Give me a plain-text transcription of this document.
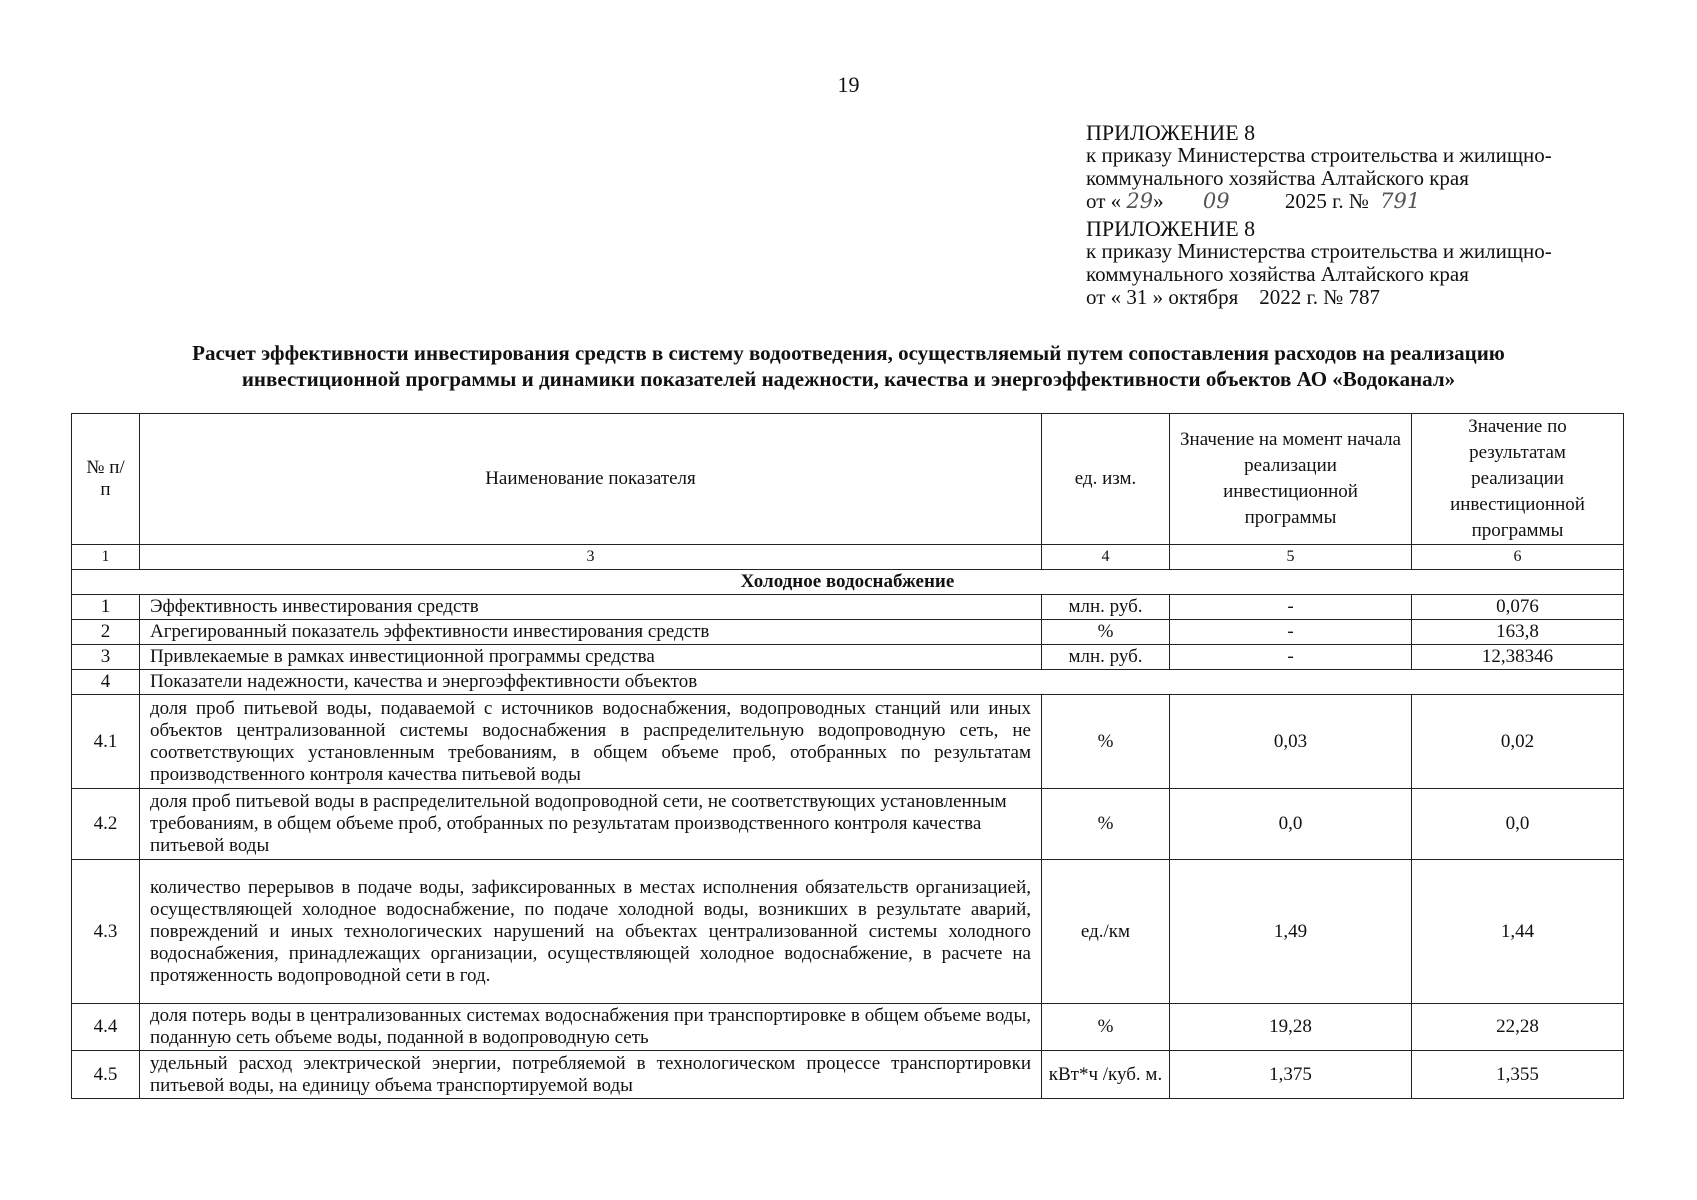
19
ПРИЛОЖЕНИЕ 8
к приказу Министерства строительства и жилищно-
коммунального хозяйства Алтайского края
от « 29» 09	2025 г. № 791
ПРИЛОЖЕНИЕ 8
к приказу Министерства строительства и жилищно-
коммунального хозяйства Алтайского края
от « 31 » октября    2022 г. № 787
Расчет эффективности инвестирования средств в систему водоотведения, осуществляемый путем сопоставления расходов на реализацию
инвестиционной программы и динамики показателей надежности, качества и энергоэффективности объектов АО «Водоканал»
№ п/п	Наименование показателя	ед. изм.	Значение на момент начала реализации инвестиционной программы	Значение по результатам реализации инвестиционной программы
1	3	4	5	6
Холодное водоснабжение				
1	Эффективность инвестирования средств	млн. руб.	-	0,076
2	Агрегированный показатель эффективности инвестирования средств	%	-	163,8
3	Привлекаемые в рамках инвестиционной программы средства	млн. руб.	-	12,38346
4	Показатели надежности, качества и энергоэффективности объектов			
4.1	доля проб питьевой воды, подаваемой с источников водоснабжения, водопроводных станций или иных объектов централизованной системы водоснабжения в распределительную водопроводную сеть, не соответствующих установленным требованиям, в общем объеме проб, отобранных по результатам производственного контроля качества питьевой воды	%	0,03	0,02
4.2	доля проб питьевой воды в распределительной водопроводной сети, не соответствующих установленным требованиям, в общем объеме проб, отобранных по результатам производственного контроля качества питьевой воды	%	0,0	0,0
4.3	количество перерывов в подаче воды, зафиксированных в местах исполнения обязательств организацией, осуществляющей холодное водоснабжение, по подаче холодной воды, возникших в результате аварий, повреждений и иных технологических нарушений на объектах централизованной системы холодного водоснабжения, принадлежащих организации, осуществляющей холодное водоснабжение, в расчете на протяженность водопроводной сети в год.	ед./км	1,49	1,44
4.4	доля потерь воды в централизованных системах водоснабжения при транспортировке в общем объеме воды, поданную сеть объеме воды, поданной в водопроводную сеть	%	19,28	22,28
4.5	удельный расход электрической энергии, потребляемой в технологическом процессе транспортировки питьевой воды, на единицу объема транспортируемой воды	кВт*ч /куб. м.	1,375	1,355
